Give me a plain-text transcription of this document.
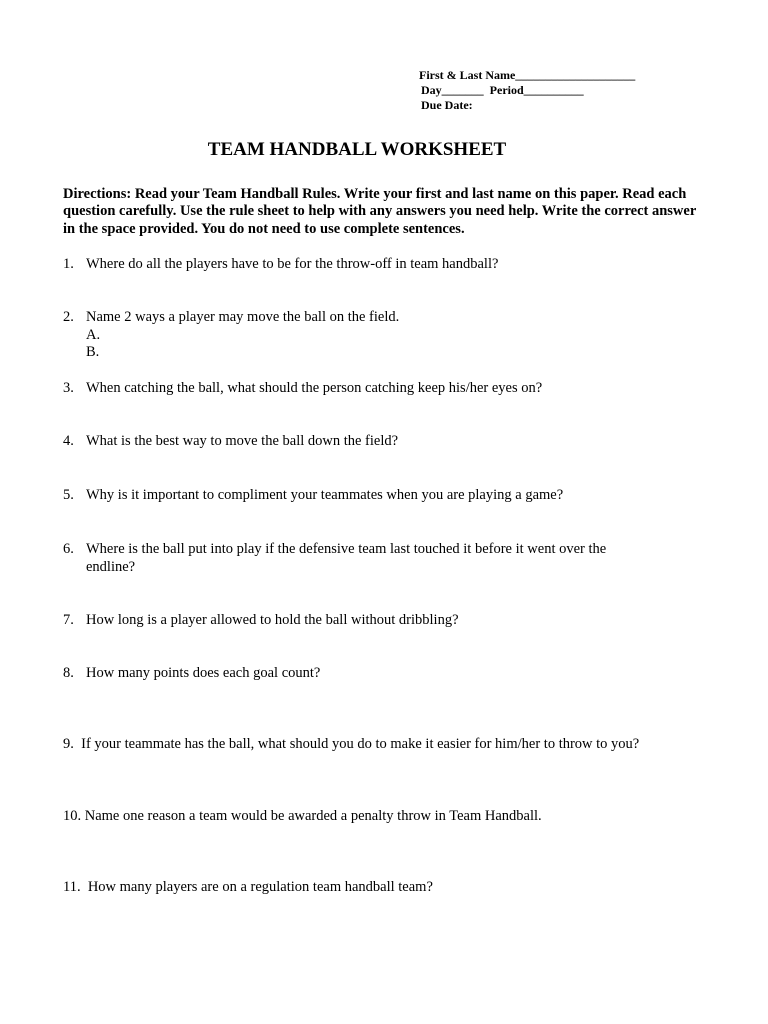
First & Last Name____________________
Day_______  Period__________
Due Date:
TEAM HANDBALL WORKSHEET
Directions: Read your Team Handball Rules. Write your first and last name on this paper. Read each question carefully. Use the rule sheet to help with any answers you need help. Write the correct answer in the space provided. You do not need to use complete sentences.
1. Where do all the players have to be for the throw-off in team handball?
2. Name 2 ways a player may move the ball on the field.
A.
B.
3. When catching the ball, what should the person catching keep his/her eyes on?
4. What is the best way to move the ball down the field?
5. Why is it important to compliment your teammates when you are playing a game?
6. Where is the ball put into play if the defensive team last touched it before it went over the endline?
7. How long is a player allowed to hold the ball without dribbling?
8. How many points does each goal count?
9.  If your teammate has the ball, what should you do to make it easier for him/her to throw to you?
10. Name one reason a team would be awarded a penalty throw in Team Handball.
11.  How many players are on a regulation team handball team?
